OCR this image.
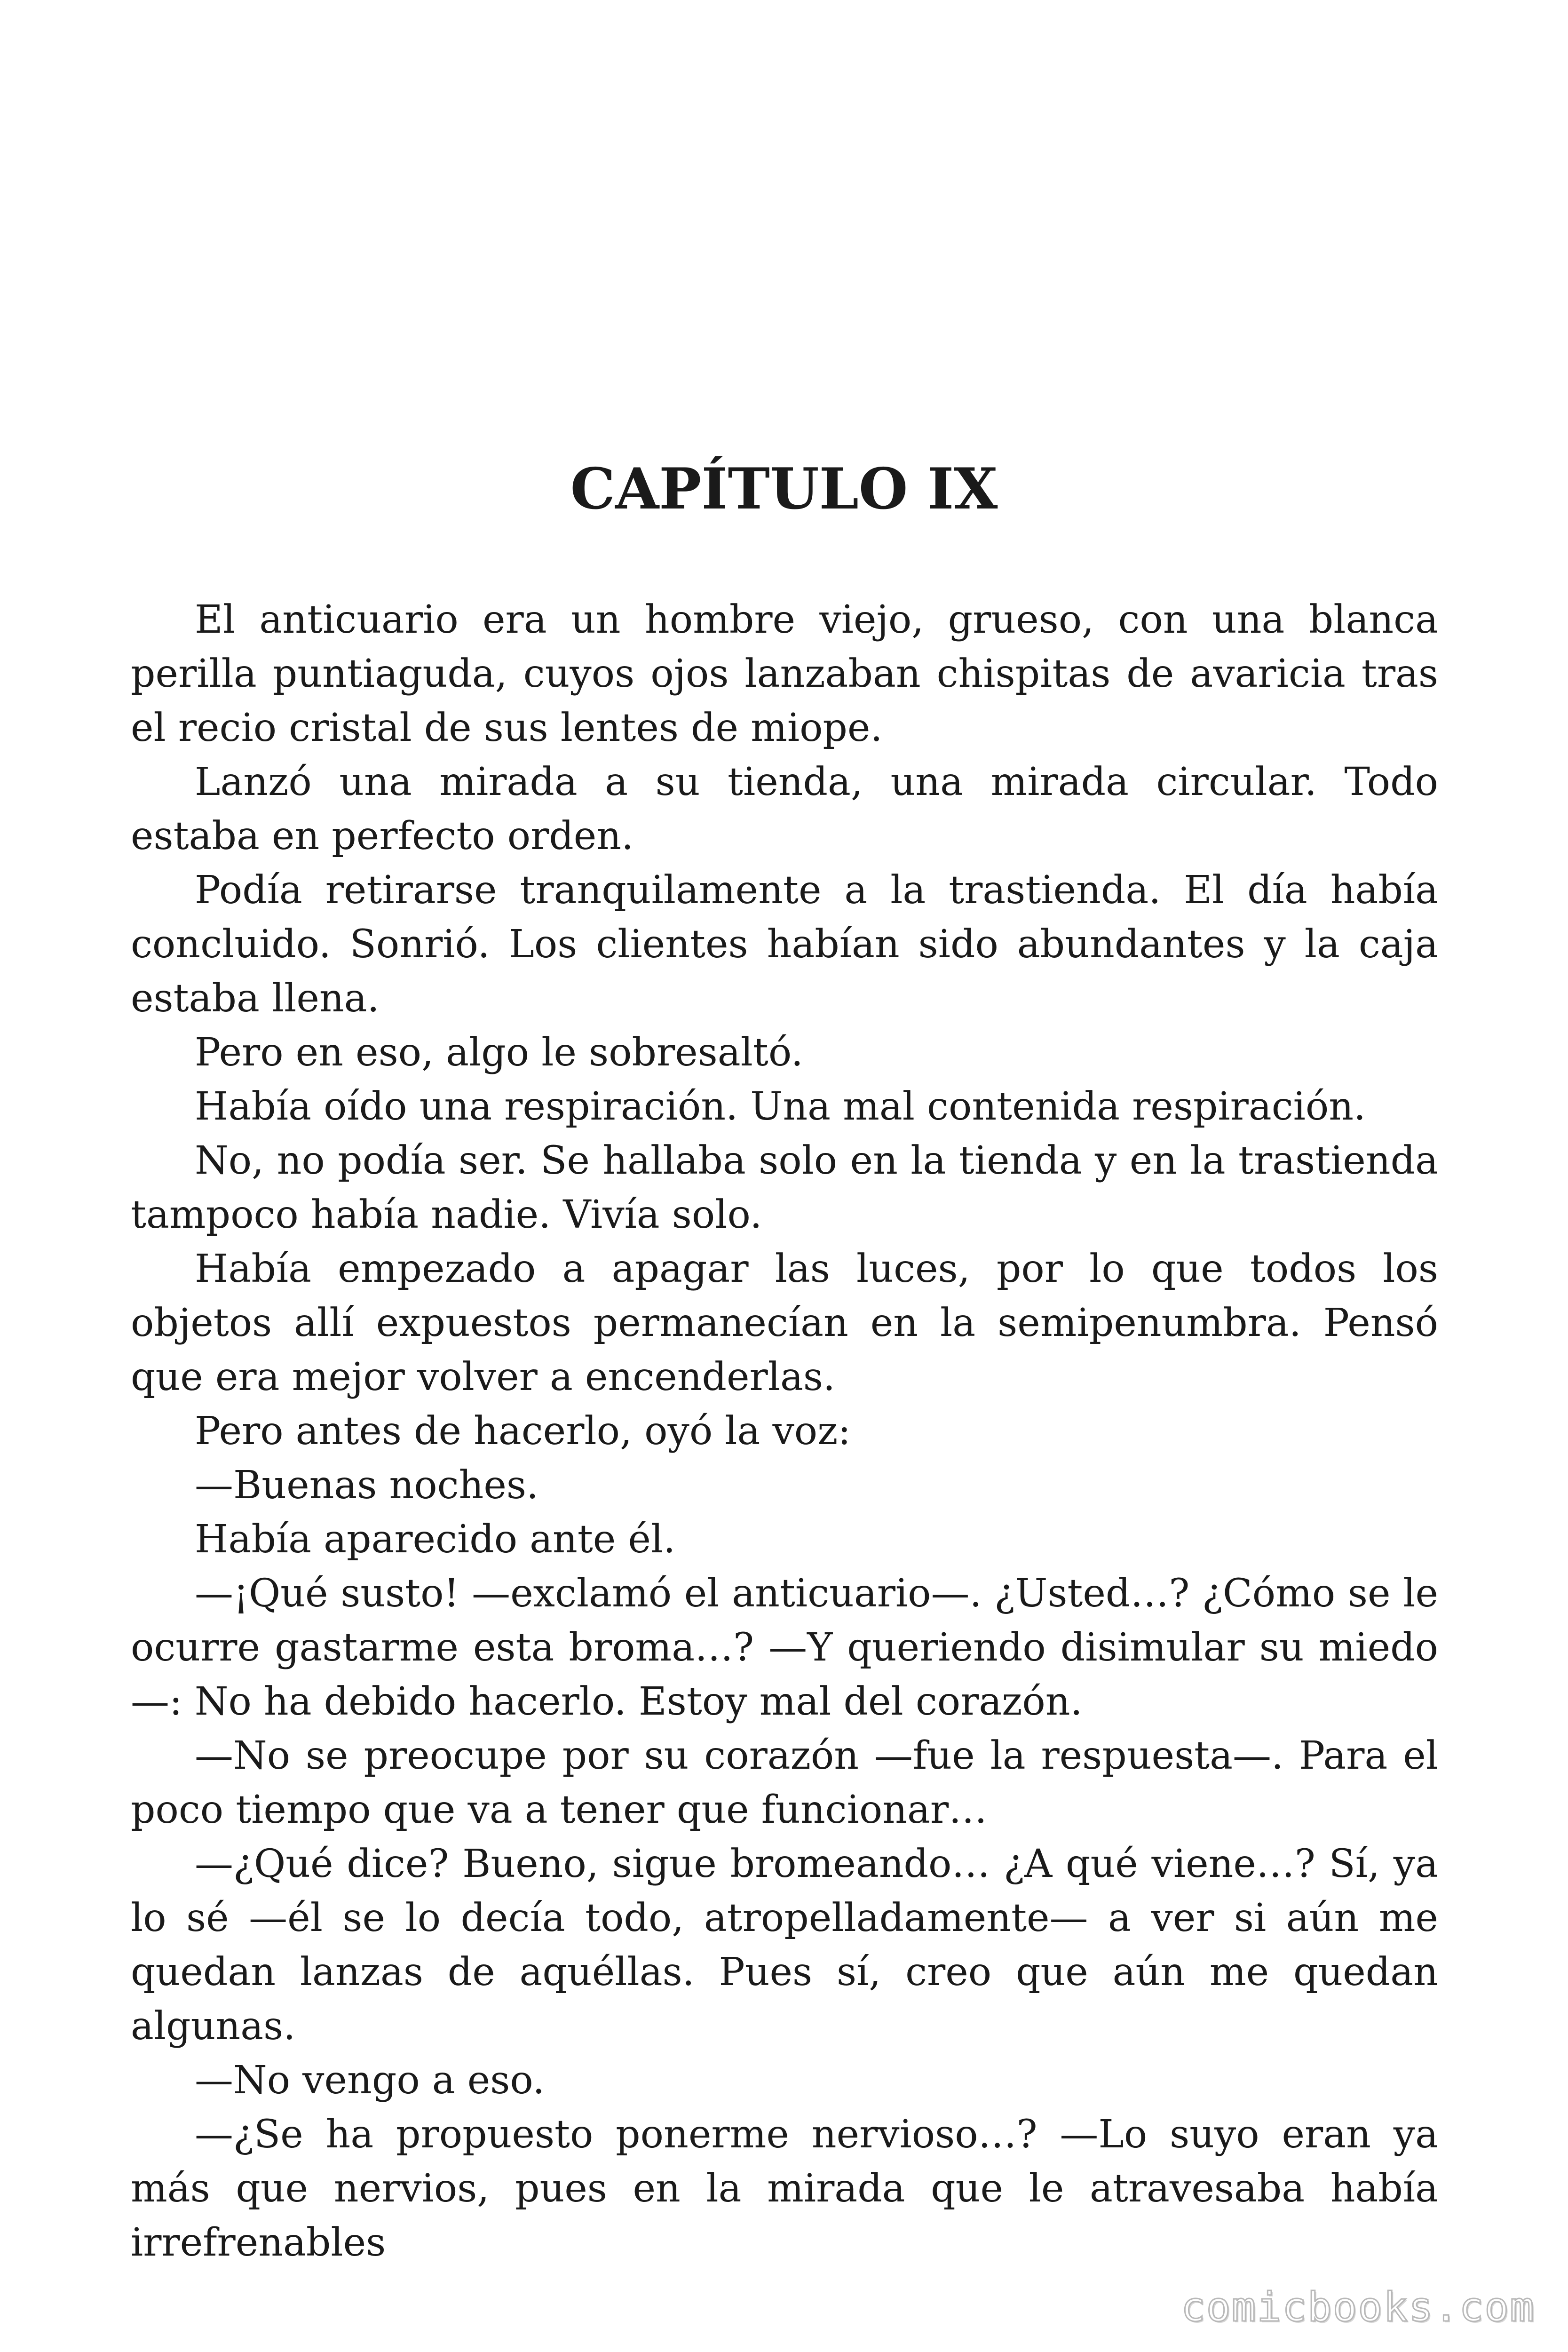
CAPÍTULO IX

El anticuario era un hombre viejo, grueso, con una blanca perilla puntiaguda, cuyos ojos lanzaban chispitas de avaricia tras el recio cristal de sus lentes de miope.

Lanzó una mirada a su tienda, una mirada circular. Todo estaba en perfecto orden.

Podía retirarse tranquilamente a la trastienda. El día había concluido. Sonrió. Los clientes habían sido abundantes y la caja estaba llena.

Pero en eso, algo le sobresaltó.

Había oído una respiración. Una mal contenida respiración.

No, no podía ser. Se hallaba solo en la tienda y en la trastienda tampoco había nadie. Vivía solo.

Había empezado a apagar las luces, por lo que todos los objetos allí expuestos permanecían en la semipenumbra. Pensó que era mejor volver a encenderlas.

Pero antes de hacerlo, oyó la voz:

—Buenas noches.

Había aparecido ante él.

—¡Qué susto! —exclamó el anticuario—. ¿Usted…? ¿Cómo se le ocurre gastarme esta broma…? —Y queriendo disimular su miedo —: No ha debido hacerlo. Estoy mal del corazón.

—No se preocupe por su corazón —fue la respuesta—. Para el poco tiempo que va a tener que funcionar…

—¿Qué dice? Bueno, sigue bromeando… ¿A qué viene…? Sí, ya lo sé —él se lo decía todo, atropelladamente— a ver si aún me quedan lanzas de aquéllas. Pues sí, creo que aún me quedan algunas.

—No vengo a eso.

—¿Se ha propuesto ponerme nervioso…? —Lo suyo eran ya más que nervios, pues en la mirada que le atravesaba había irrefrenables

comicbooks.com
